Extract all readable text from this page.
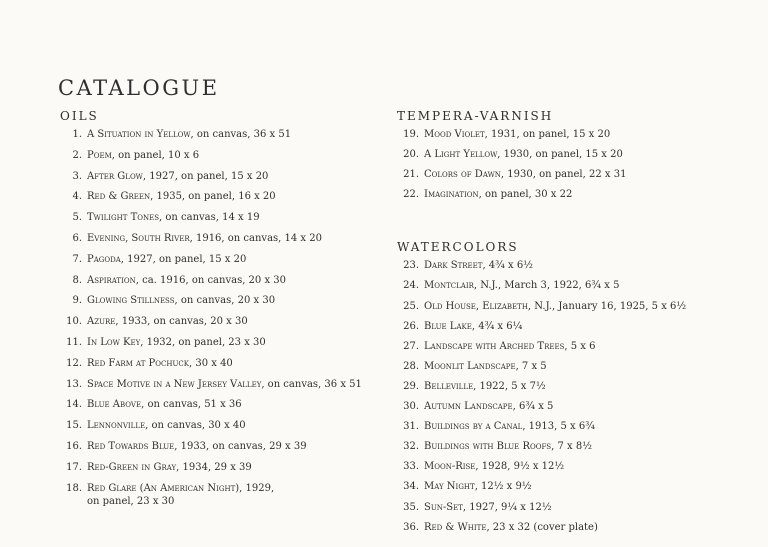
CATALOGUE
OILS
1. A Situation in Yellow, on canvas, 36 x 51
2. Poem, on panel, 10 x 6
3. After Glow, 1927, on panel, 15 x 20
4. Red & Green, 1935, on panel, 16 x 20
5. Twilight Tones, on canvas, 14 x 19
6. Evening, South River, 1916, on canvas, 14 x 20
7. Pagoda, 1927, on panel, 15 x 20
8. Aspiration, ca. 1916, on canvas, 20 x 30
9. Glowing Stillness, on canvas, 20 x 30
10. Azure, 1933, on canvas, 20 x 30
11. In Low Key, 1932, on panel, 23 x 30
12. Red Farm at Pochuck, 30 x 40
13. Space Motive in a New Jersey Valley, on canvas, 36 x 51
14. Blue Above, on canvas, 51 x 36
15. Lennonville, on canvas, 30 x 40
16. Red Towards Blue, 1933, on canvas, 29 x 39
17. Red-Green in Gray, 1934, 29 x 39
18. Red Glare (An American Night), 1929,
on panel, 23 x 30
TEMPERA-VARNISH
19. Mood Violet, 1931, on panel, 15 x 20
20. A Light Yellow, 1930, on panel, 15 x 20
21. Colors of Dawn, 1930, on panel, 22 x 31
22. Imagination, on panel, 30 x 22
WATERCOLORS
23. Dark Street, 4¾ x 6½
24. Montclair, N.J., March 3, 1922, 6¾ x 5
25. Old House, Elizabeth, N.J., January 16, 1925, 5 x 6½
26. Blue Lake, 4¾ x 6¼
27. Landscape with Arched Trees, 5 x 6
28. Moonlit Landscape, 7 x 5
29. Belleville, 1922, 5 x 7½
30. Autumn Landscape, 6¾ x 5
31. Buildings by a Canal, 1913, 5 x 6¾
32. Buildings with Blue Roofs, 7 x 8½
33. Moon-Rise, 1928, 9½ x 12½
34. May Night, 12½ x 9½
35. Sun-Set, 1927, 9¼ x 12½
36. Red & White, 23 x 32 (cover plate)
